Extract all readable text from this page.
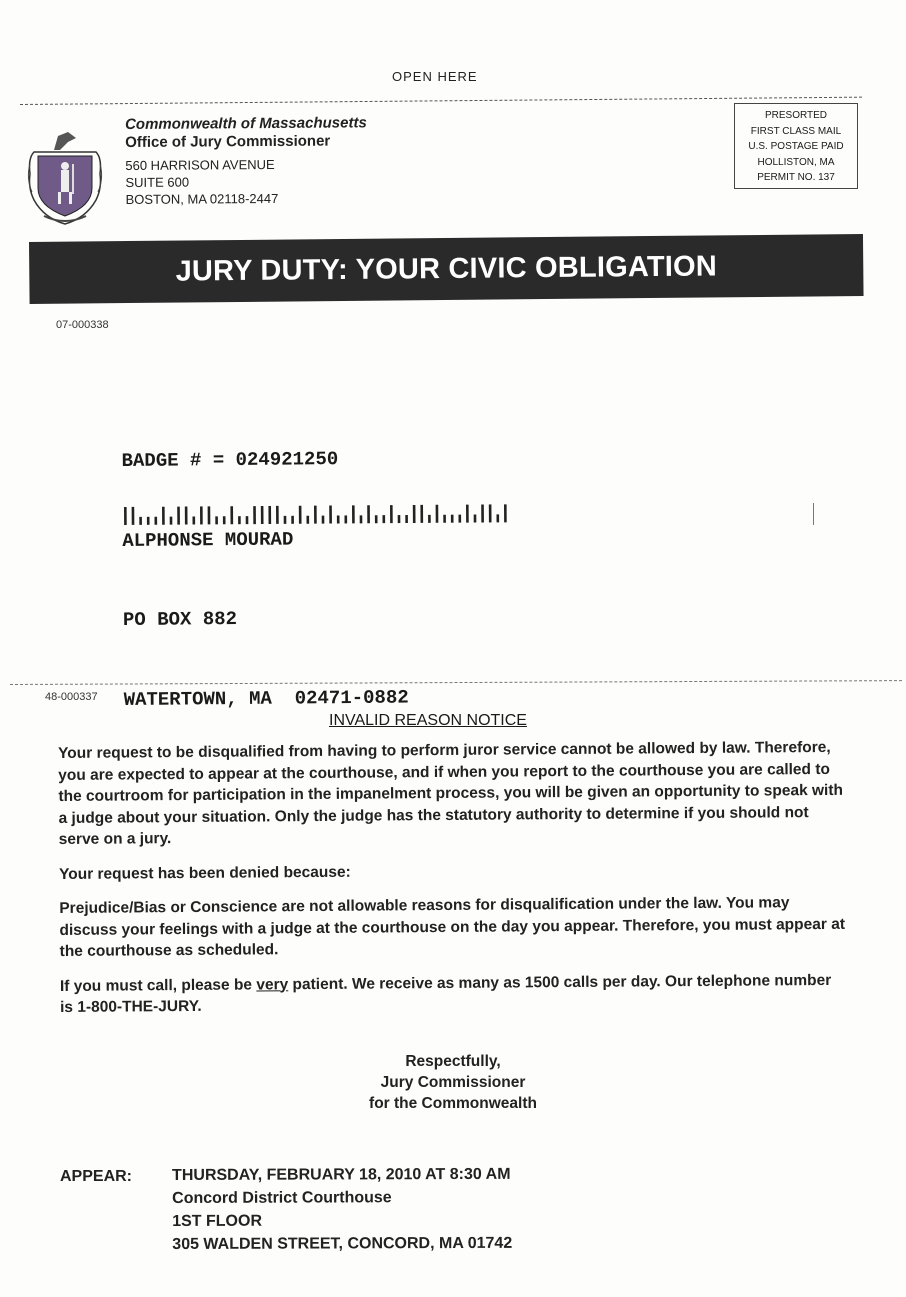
OPEN HERE
Commonwealth of Massachusetts
Office of Jury Commissioner
560 HARRISON AVENUE
SUITE 600
BOSTON, MA 02118-2447
PRESORTED
FIRST CLASS MAIL
U.S. POSTAGE PAID
HOLLISTON, MA
PERMIT NO. 137
JURY DUTY: YOUR CIVIC OBLIGATION
07-000338

BADGE # = 024921250

ALPHONSE MOURAD

PO BOX 882

WATERTOWN, MA  02471-0882

48-000337
INVALID REASON NOTICE

Your request to be disqualified from having to perform juror service cannot be allowed by law. Therefore, you are expected to appear at the courthouse, and if when you report to the courthouse you are called to the courtroom for participation in the impanelment process, you will be given an opportunity to speak with a judge about your situation. Only the judge has the statutory authority to determine if you should not serve on a jury.

Your request has been denied because:

Prejudice/Bias or Conscience are not allowable reasons for disqualification under the law. You may discuss your feelings with a judge at the courthouse on the day you appear. Therefore, you must appear at the courthouse as scheduled.

If you must call, please be very patient. We receive as many as 1500 calls per day. Our telephone number is 1-800-THE-JURY.

Respectfully,
Jury Commissioner
for the Commonwealth
APPEAR: THURSDAY, FEBRUARY 18, 2010 AT 8:30 AM
Concord District Courthouse
1ST FLOOR
305 WALDEN STREET, CONCORD, MA 01742
